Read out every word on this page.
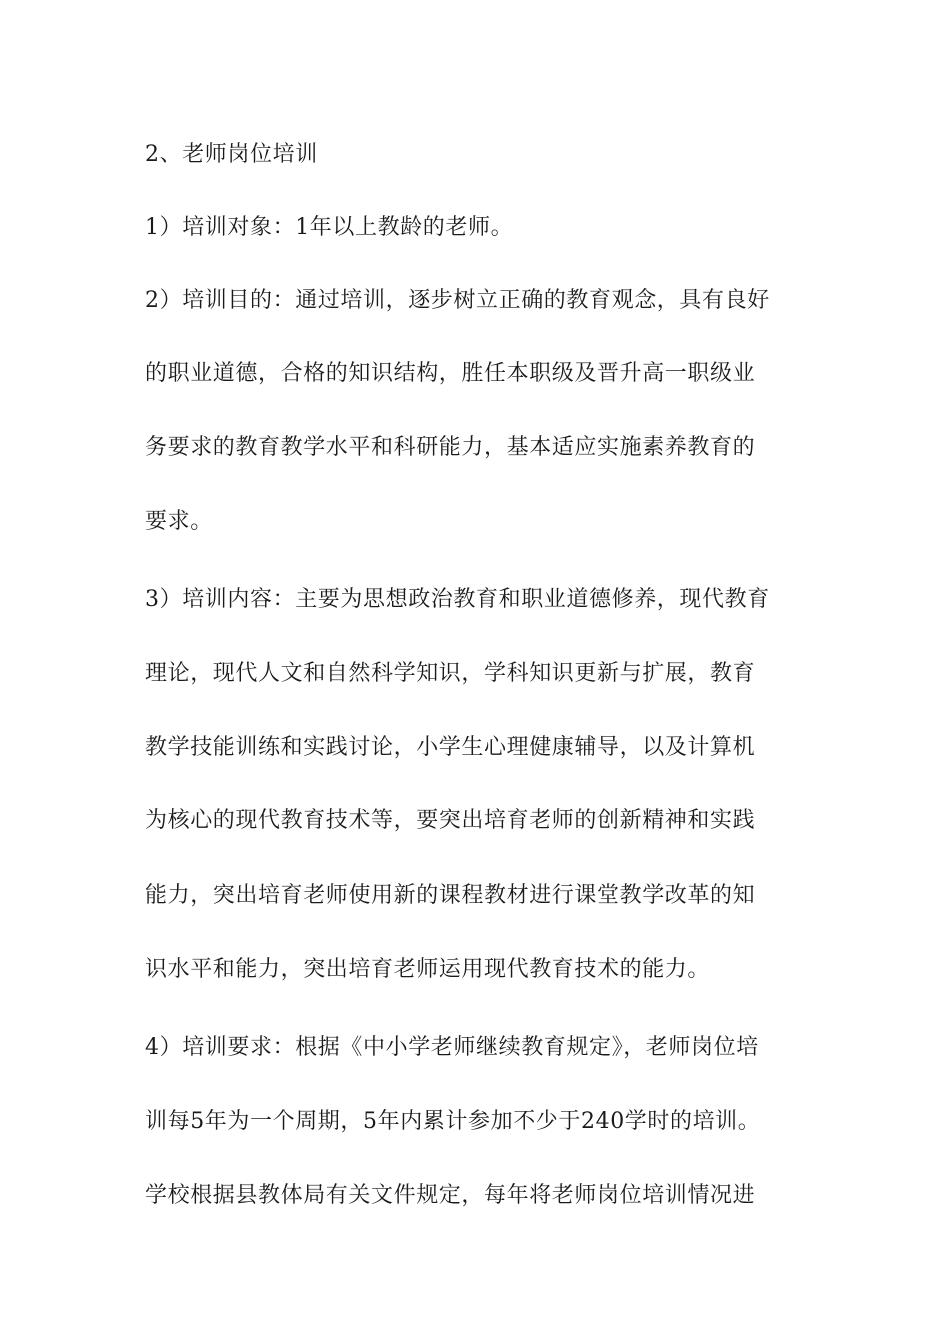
2、老师岗位培训
1）培训对象：1年以上教龄的老师。
2）培训目的：通过培训，逐步树立正确的教育观念，具有良好
的职业道德，合格的知识结构，胜任本职级及晋升高一职级业
务要求的教育教学水平和科研能力，基本适应实施素养教育的
要求。
3）培训内容：主要为思想政治教育和职业道德修养，现代教育
理论，现代人文和自然科学知识，学科知识更新与扩展，教育
教学技能训练和实践讨论，小学生心理健康辅导，以及计算机
为核心的现代教育技术等，要突出培育老师的创新精神和实践
能力，突出培育老师使用新的课程教材进行课堂教学改革的知
识水平和能力，突出培育老师运用现代教育技术的能力。
4）培训要求：根据《中小学老师继续教育规定》，老师岗位培
训每5年为一个周期，5年内累计参加不少于240学时的培训。
学校根据县教体局有关文件规定，每年将老师岗位培训情况进
